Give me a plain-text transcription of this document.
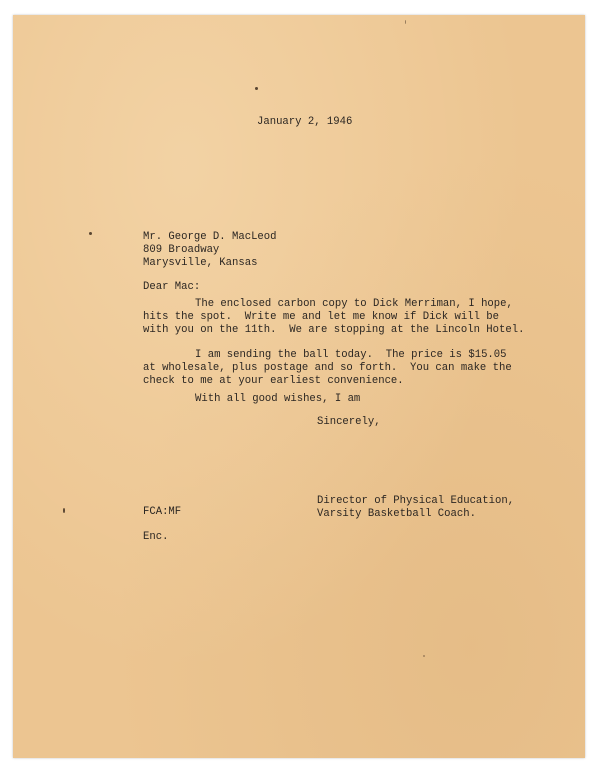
January 2, 1946
Mr. George D. MacLeod
809 Broadway
Marysville, Kansas
Dear Mac:
The enclosed carbon copy to Dick Merriman, I hope,
hits the spot.  Write me and let me know if Dick will be
with you on the 11th.  We are stopping at the Lincoln Hotel.
I am sending the ball today.  The price is $15.05
at wholesale, plus postage and so forth.  You can make the
check to me at your earliest convenience.
With all good wishes, I am
Sincerely,
Director of Physical Education,
Varsity Basketball Coach.
FCA:MF
Enc.
